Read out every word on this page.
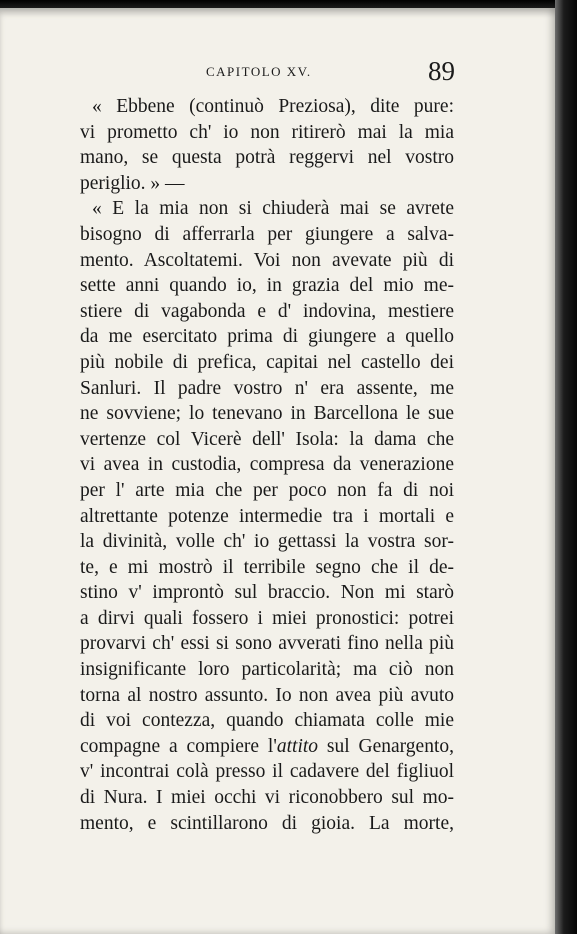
CAPITOLO XV.	89
« Ebbene (continuò Preziosa), dite pure:
vi prometto ch' io non ritirerò mai la mia
mano, se questa potrà reggervi nel vostro
periglio. » —
« E la mia non si chiuderà mai se avrete
bisogno di afferrarla per giungere a salva-
mento. Ascoltatemi. Voi non avevate più di
sette anni quando io, in grazia del mio me-
stiere di vagabonda e d' indovina, mestiere
da me esercitato prima di giungere a quello
più nobile di prefica, capitai nel castello dei
Sanluri. Il padre vostro n' era assente, me
ne sovviene; lo tenevano in Barcellona le sue
vertenze col Vicerè dell' Isola: la dama che
vi avea in custodia, compresa da venerazione
per l' arte mia che per poco non fa di noi
altrettante potenze intermedie tra i mortali e
la divinità, volle ch' io gettassi la vostra sor-
te, e mi mostrò il terribile segno che il de-
stino v' improntò sul braccio. Non mi starò
a dirvi quali fossero i miei pronostici: potrei
provarvi ch' essi si sono avverati fino nella più
insignificante loro particolarità; ma ciò non
torna al nostro assunto. Io non avea più avuto
di voi contezza, quando chiamata colle mie
compagne a compiere l'attito sul Genargento,
v' incontrai colà presso il cadavere del figliuol
di Nura. I miei occhi vi riconobbero sul mo-
mento, e scintillarono di gioia. La morte,
